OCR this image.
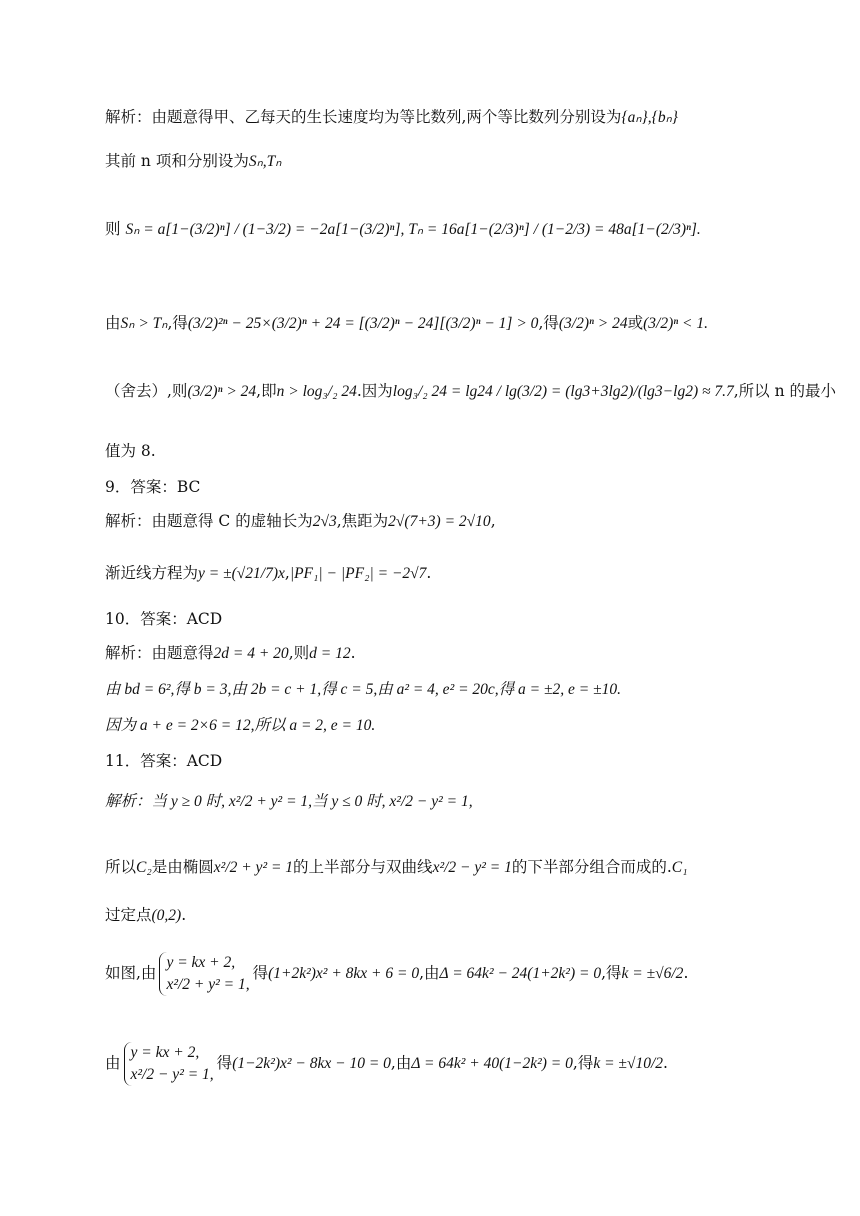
解析：由题意得甲、乙每天的生长速度均为等比数列,两个等比数列分别设为{aₙ},{bₙ}
其前 n 项和分别设为Sₙ,Tₙ
则 Sₙ = a[1−(3/2)ⁿ] / (1−3/2) = −2a[1−(3/2)ⁿ], Tₙ = 16a[1−(2/3)ⁿ] / (1−2/3) = 48a[1−(2/3)ⁿ].
由Sₙ > Tₙ,得(3/2)²ⁿ − 25×(3/2)ⁿ + 24 = [(3/2)ⁿ − 24][(3/2)ⁿ − 1] > 0,得(3/2)ⁿ > 24或(3/2)ⁿ < 1.
（舍去）,则(3/2)ⁿ > 24,即n > log₃/₂ 24.因为log₃/₂ 24 = lg24 / lg(3/2) = (lg3+3lg2)/(lg3−lg2) ≈ 7.7,所以 n 的最小
值为 8.
9．答案：BC
解析：由题意得 C 的虚轴长为2√3,焦距为2√(7+3) = 2√10,
渐近线方程为y = ±(√21/7)x,|PF₁| − |PF₂| = −2√7.
10．答案：ACD
解析：由题意得2d = 4 + 20,则d = 12.
由 bd = 6²,得 b = 3,由 2b = c + 1,得 c = 5,由 a² = 4, e² = 20c,得 a = ±2, e = ±10.
因为 a + e = 2×6 = 12,所以 a = 2, e = 10.
11．答案：ACD
解析：当 y ≥ 0 时, x²/2 + y² = 1,当 y ≤ 0 时, x²/2 − y² = 1,
所以C₂是由椭圆x²/2 + y² = 1的上半部分与双曲线x²/2 − y² = 1的下半部分组合而成的.C₁
过定点(0,2).
如图,由
y = kx + 2,
x²/2 + y² = 1,
得(1+2k²)x² + 8kx + 6 = 0,由Δ = 64k² − 24(1+2k²) = 0,得k = ±√6/2.
由
y = kx + 2,
x²/2 − y² = 1,
得(1−2k²)x² − 8kx − 10 = 0,由Δ = 64k² + 40(1−2k²) = 0,得k = ±√10/2.
